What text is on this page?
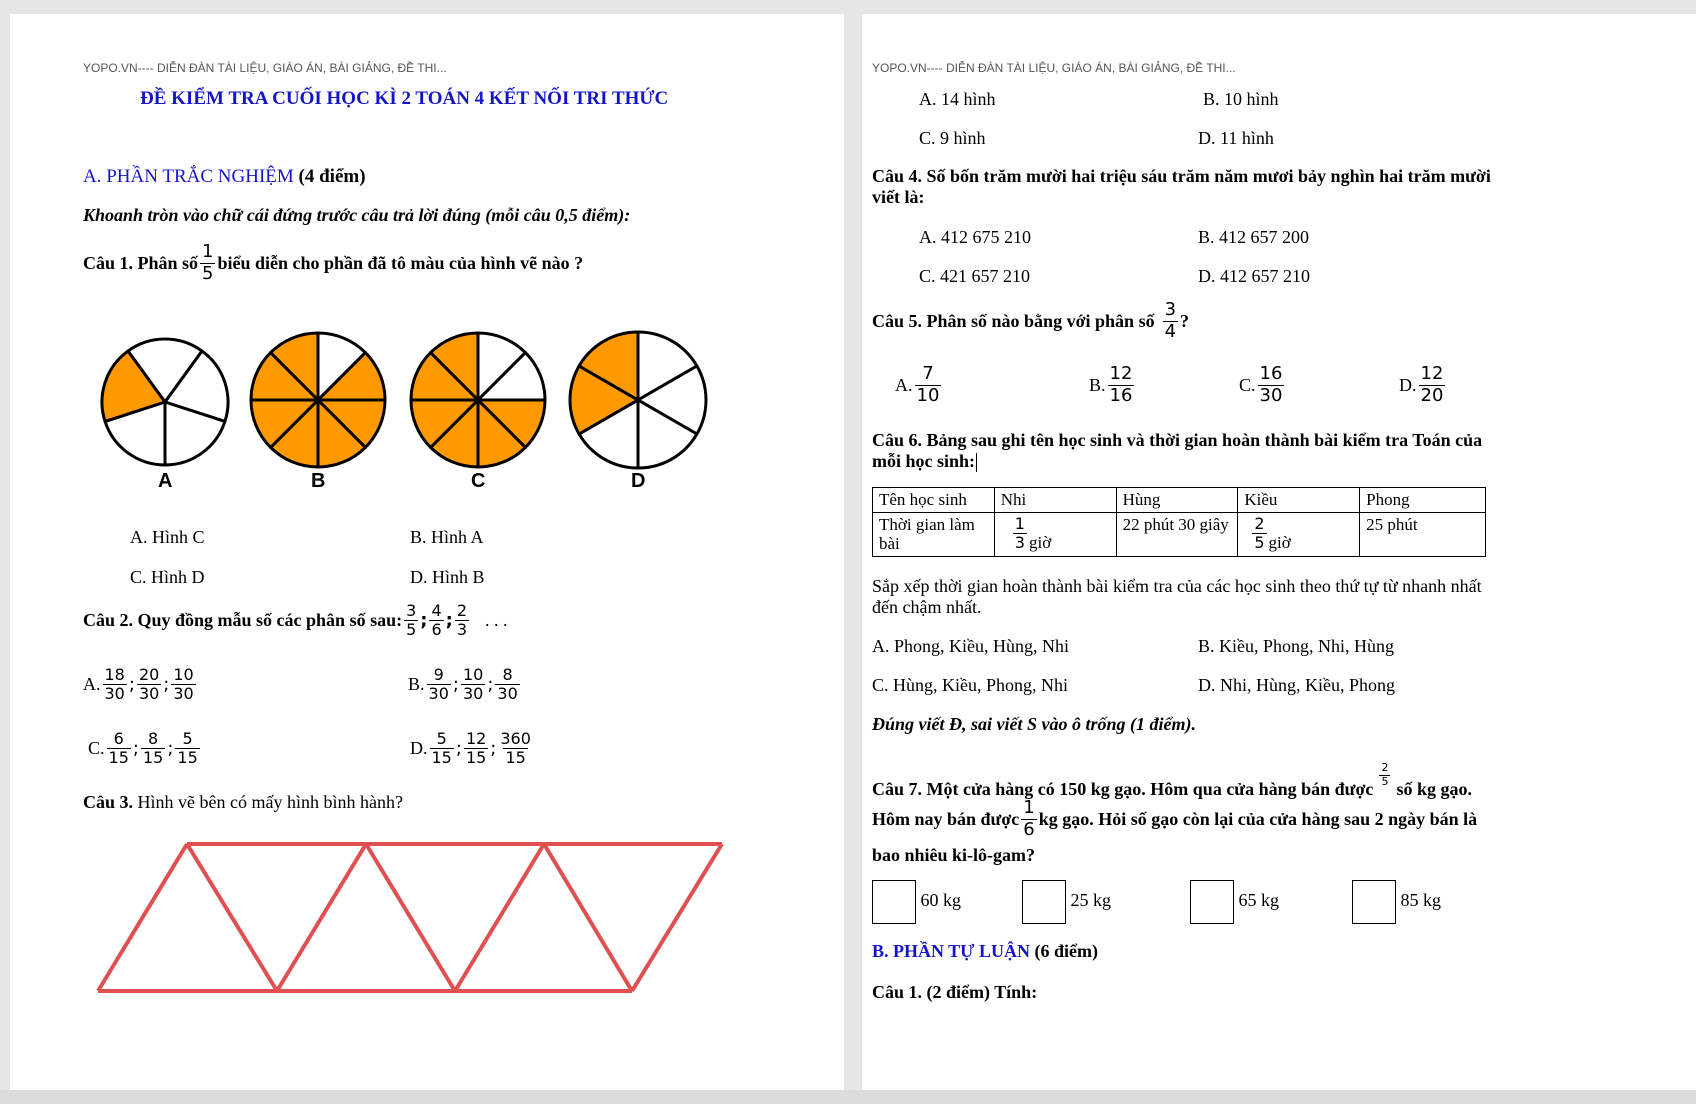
YOPO.VN---- DIỄN ĐÀN TÀI LIỆU, GIÁO ÁN, BÀI GIẢNG, ĐỀ THI...
ĐỀ KIỂM TRA CUỐI HỌC KÌ 2 TOÁN 4 KẾT NỐI TRI THỨC
A. PHẦN TRẮC NGHIỆM (4 điểm)
Khoanh tròn vào chữ cái đứng trước câu trả lời đúng (mỗi câu 0,5 điểm):
Câu 1. Phân số $\frac{1}{5}$ biểu diễn cho phần đã tô màu của hình vẽ nào ?
A	B	C	D
A. Hình C	B. Hình A
C. Hình D	D. Hình B
Câu 2. Quy đồng mẫu số các phân số sau: $\frac{3}{5}$ ; $\frac{4}{6}$ ; $\frac{2}{3}$ . . .
A. $\frac{18}{30}$ ; $\frac{20}{30}$ ; $\frac{10}{30}$	B. $\frac{9}{30}$ ; $\frac{10}{30}$ ; $\frac{8}{30}$
C. $\frac{6}{15}$ ; $\frac{8}{15}$ ; $\frac{5}{15}$	D. $\frac{5}{15}$ ; $\frac{12}{15}$ ; $\frac{360}{15}$
Câu 3. Hình vẽ bên có mấy hình bình hành?
YOPO.VN---- DIỄN ĐÀN TÀI LIỆU, GIÁO ÁN, BÀI GIẢNG, ĐỀ THI...
A. 14 hình	B. 10 hình
C. 9 hình	D. 11 hình
Câu 4. Số bốn trăm mười hai triệu sáu trăm năm mươi bảy nghìn hai trăm mười
viết là:
A. 412 675 210	B. 412 657 200
C. 421 657 210	D. 412 657 210
Câu 5. Phân số nào bằng với phân số $\frac{3}{4}$ ?
A. $\frac{7}{10}$	B. $\frac{12}{16}$	C. $\frac{16}{30}$	D. $\frac{12}{20}$
Câu 6. Bảng sau ghi tên học sinh và thời gian hoàn thành bài kiểm tra Toán của
mỗi học sinh:
Tên học sinh	Nhi	Hùng	Kiều	Phong
Thời gian làm bài	$\frac{1}{3}$ giờ	22 phút 30 giây	$\frac{2}{5}$ giờ	25 phút
Sắp xếp thời gian hoàn thành bài kiểm tra của các học sinh theo thứ tự từ nhanh nhất
đến chậm nhất.
A. Phong, Kiều, Hùng, Nhi	B. Kiều, Phong, Nhi, Hùng
C. Hùng, Kiều, Phong, Nhi	D. Nhi, Hùng, Kiều, Phong
Đúng viết Đ, sai viết S vào ô trống (1 điểm).
Câu 7. Một cửa hàng có 150 kg gạo. Hôm qua cửa hàng bán được
$\frac{2}{5}$
số kg gạo.
Hôm nay bán được $\frac{1}{6}$ kg gạo. Hỏi số gạo còn lại của cửa hàng sau 2 ngày bán là
bao nhiêu ki-lô-gam?
60 kg	25 kg	65 kg	85 kg
B. PHẦN TỰ LUẬN (6 điểm)
Câu 1. (2 điểm) Tính:
